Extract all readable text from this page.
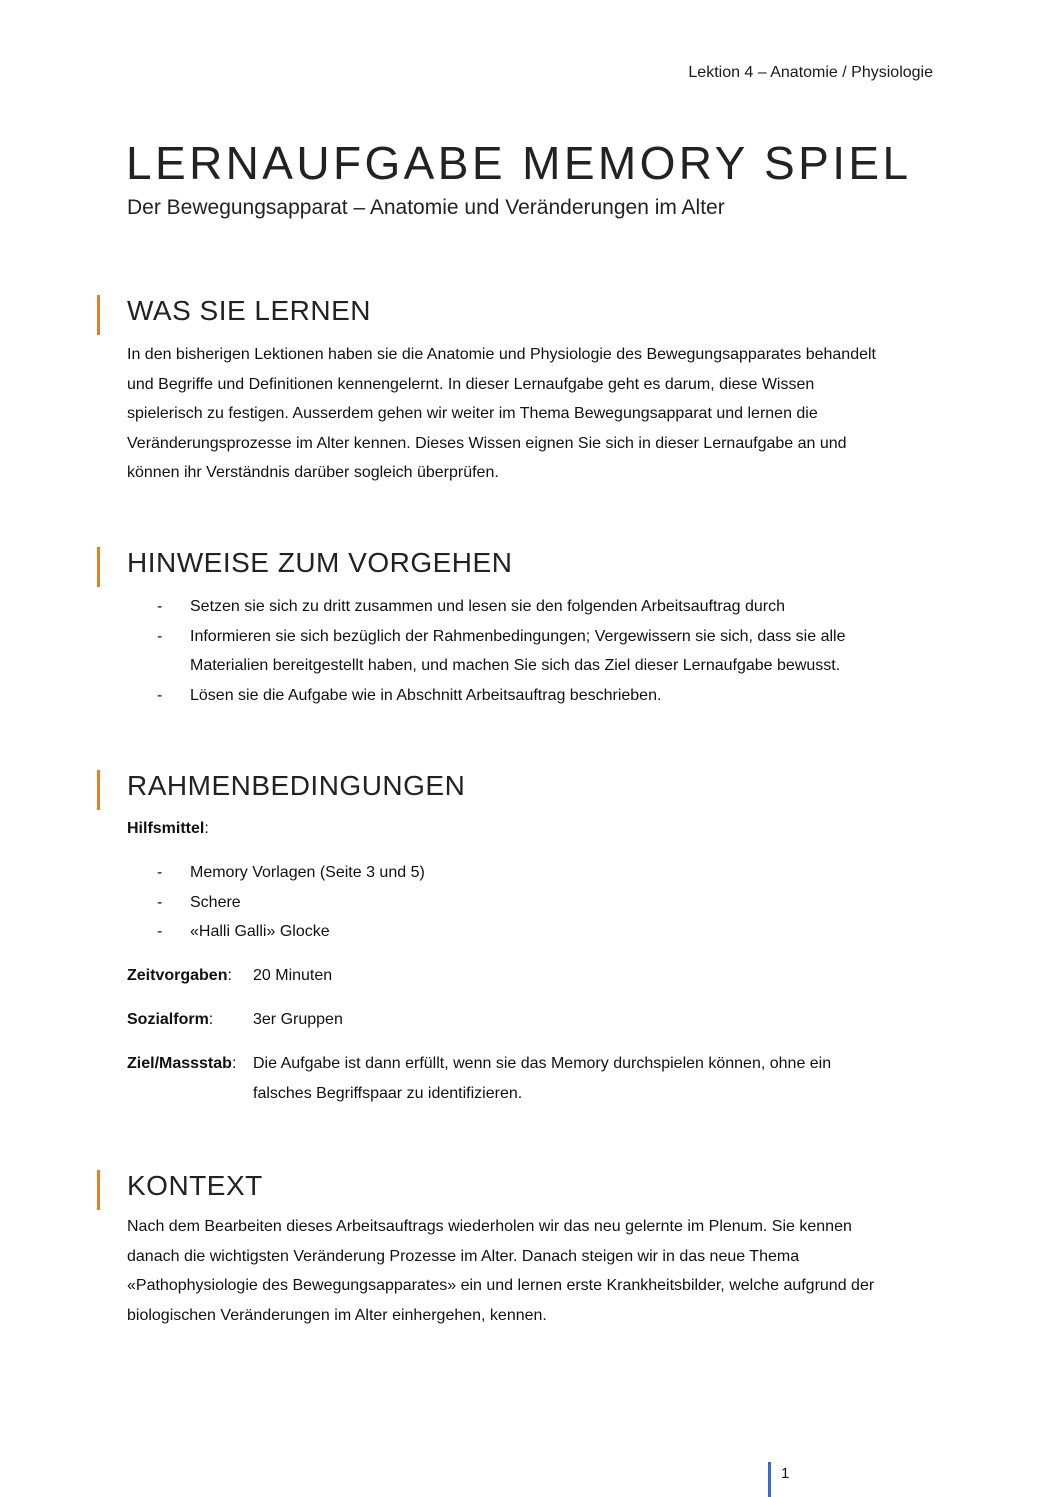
Lektion 4 – Anatomie / Physiologie
LERNAUFGABE MEMORY SPIEL
Der Bewegungsapparat – Anatomie und Veränderungen im Alter
WAS SIE LERNEN
In den bisherigen Lektionen haben sie die Anatomie und Physiologie des Bewegungsapparates behandelt
und Begriffe und Definitionen kennengelernt. In dieser Lernaufgabe geht es darum, diese Wissen
spielerisch zu festigen. Ausserdem gehen wir weiter im Thema Bewegungsapparat und lernen die
Veränderungsprozesse im Alter kennen. Dieses Wissen eignen Sie sich in dieser Lernaufgabe an und
können ihr Verständnis darüber sogleich überprüfen.
HINWEISE ZUM VORGEHEN
- Setzen sie sich zu dritt zusammen und lesen sie den folgenden Arbeitsauftrag durch
- Informieren sie sich bezüglich der Rahmenbedingungen; Vergewissern sie sich, dass sie alle
Materialien bereitgestellt haben, und machen Sie sich das Ziel dieser Lernaufgabe bewusst.
- Lösen sie die Aufgabe wie in Abschnitt Arbeitsauftrag beschrieben.
RAHMENBEDINGUNGEN
Hilfsmittel:
- Memory Vorlagen (Seite 3 und 5)
- Schere
- «Halli Galli» Glocke
Zeitvorgaben: 20 Minuten
Sozialform: 3er Gruppen
Ziel/Massstab: Die Aufgabe ist dann erfüllt, wenn sie das Memory durchspielen können, ohne ein
falsches Begriffspaar zu identifizieren.
KONTEXT
Nach dem Bearbeiten dieses Arbeitsauftrags wiederholen wir das neu gelernte im Plenum. Sie kennen
danach die wichtigsten Veränderung Prozesse im Alter. Danach steigen wir in das neue Thema
«Pathophysiologie des Bewegungsapparates» ein und lernen erste Krankheitsbilder, welche aufgrund der
biologischen Veränderungen im Alter einhergehen, kennen.
1
